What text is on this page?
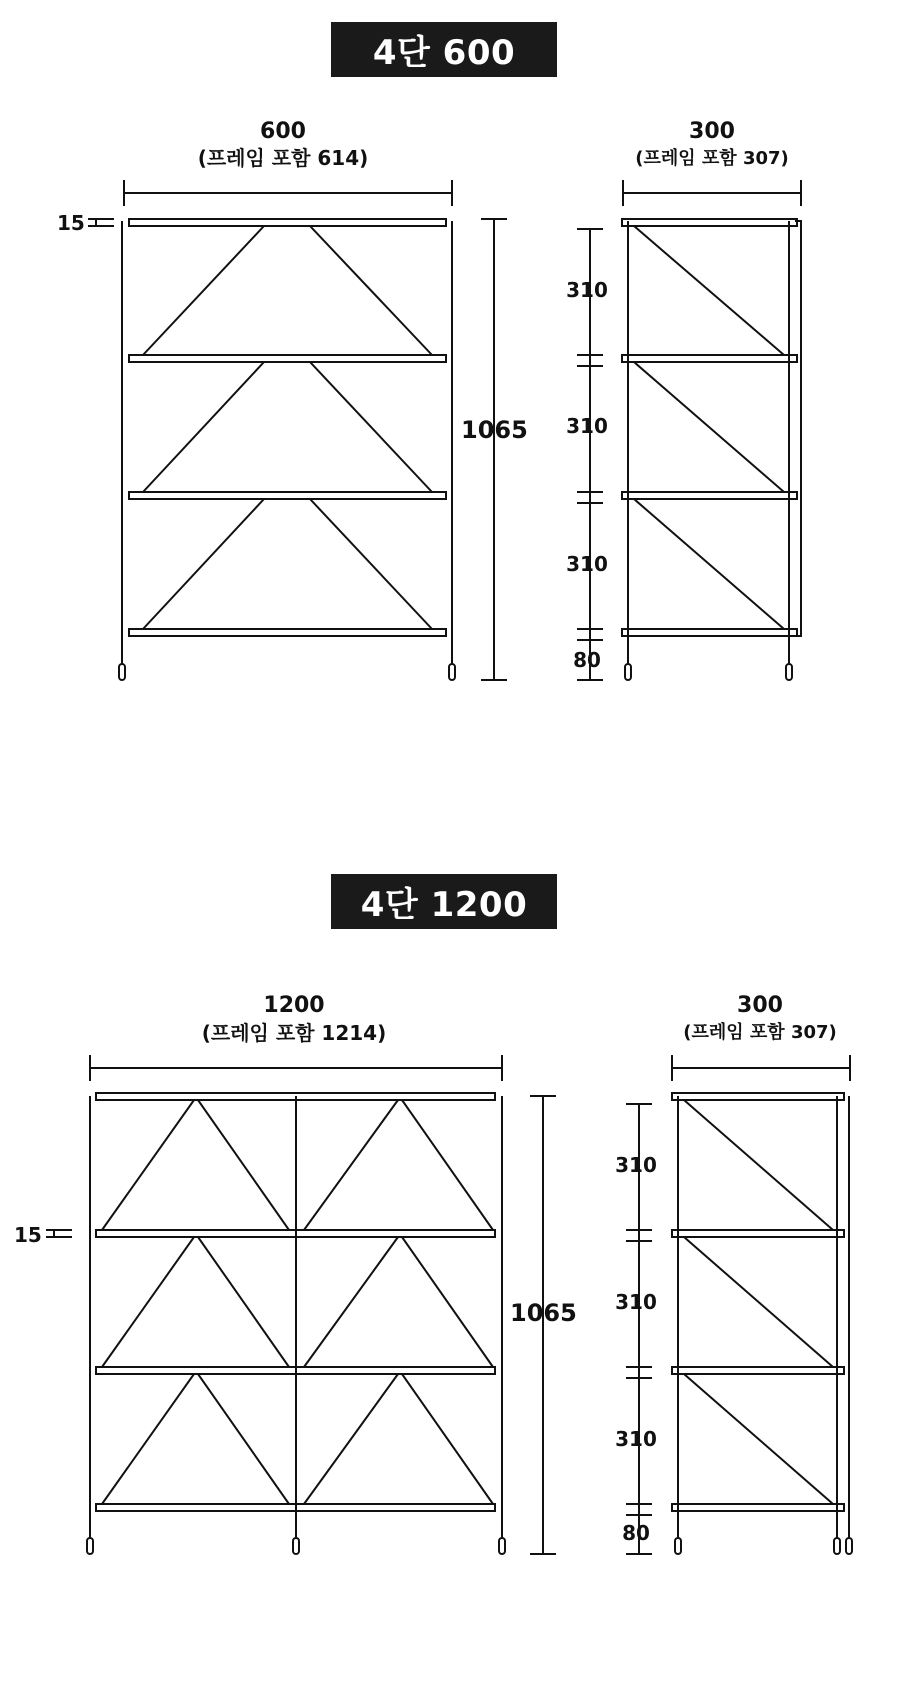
4단 600
4단 1200
600
(프레임 포함 614)
300
(프레임 포함 307)
15
1065
310
310
310
80
1200
(프레임 포함 1214)
300
(프레임 포함 307)
15
1065
310
310
310
80
